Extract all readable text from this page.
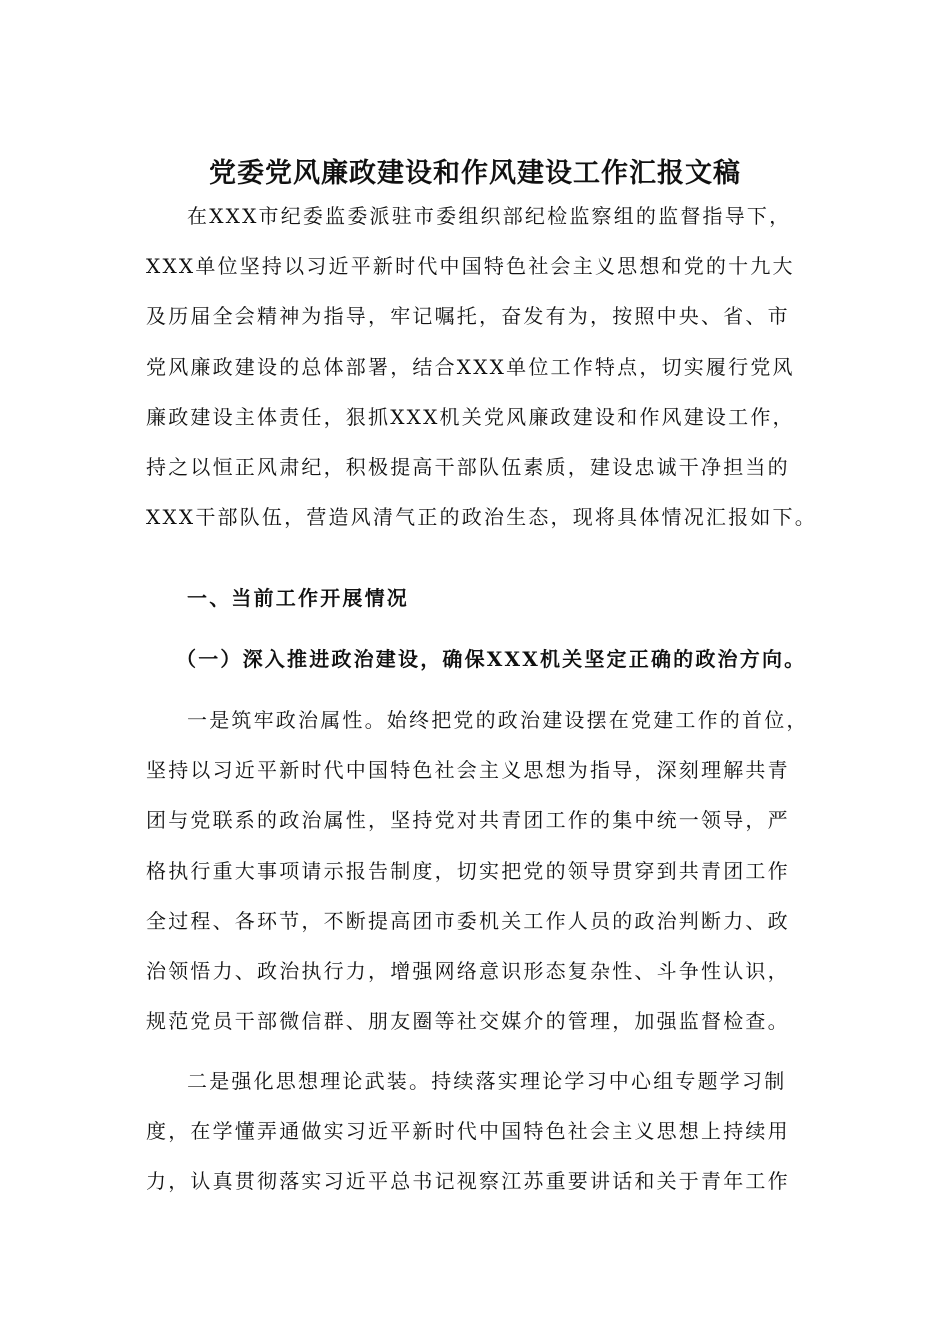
党委党风廉政建设和作风建设工作汇报文稿

在XXX市纪委监委派驻市委组织部纪检监察组的监督指导下，
XXX单位坚持以习近平新时代中国特色社会主义思想和党的十九大
及历届全会精神为指导，牢记嘱托，奋发有为，按照中央、省、市
党风廉政建设的总体部署，结合XXX单位工作特点，切实履行党风
廉政建设主体责任，狠抓XXX机关党风廉政建设和作风建设工作，
持之以恒正风肃纪，积极提高干部队伍素质，建设忠诚干净担当的
XXX干部队伍，营造风清气正的政治生态，现将具体情况汇报如下。

一、当前工作开展情况
（一）深入推进政治建设，确保XXX机关坚定正确的政治方向。

一是筑牢政治属性。始终把党的政治建设摆在党建工作的首位，
坚持以习近平新时代中国特色社会主义思想为指导，深刻理解共青
团与党联系的政治属性，坚持党对共青团工作的集中统一领导，严
格执行重大事项请示报告制度，切实把党的领导贯穿到共青团工作
全过程、各环节，不断提高团市委机关工作人员的政治判断力、政
治领悟力、政治执行力，增强网络意识形态复杂性、斗争性认识，
规范党员干部微信群、朋友圈等社交媒介的管理，加强监督检查。

二是强化思想理论武装。持续落实理论学习中心组专题学习制
度，在学懂弄通做实习近平新时代中国特色社会主义思想上持续用
力，认真贯彻落实习近平总书记视察江苏重要讲话和关于青年工作
